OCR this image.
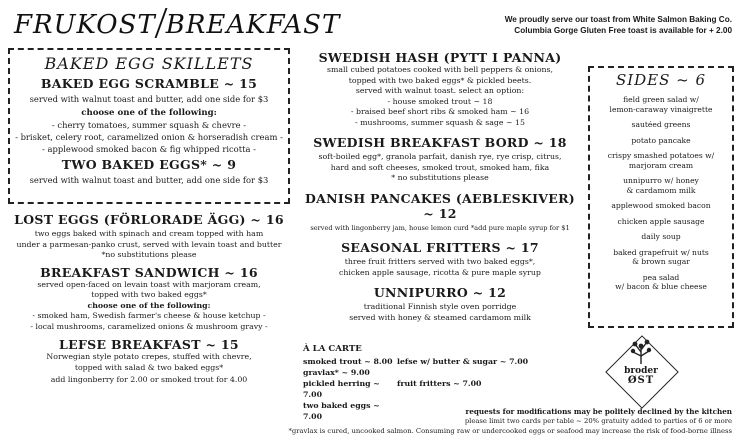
FRUKOST BREAKFAST	We proudly serve our toast from White Salmon Baking Co.
Columbia Gorge Gluten Free toast is available for + 2.00
BAKED EGG SKILLETS
BAKED EGG SCRAMBLE ~ 15
served with walnut toast and butter, add one side for $3
choose one of the following:
- cherry tomatoes, summer squash & chevre -
- brisket, celery root, caramelized onion & horseradish cream -
- applewood smoked bacon & fig whipped ricotta -
TWO BAKED EGGS* ~ 9
served with walnut toast and butter, add one side for $3
LOST EGGS (FÖRLORADE ÄGG) ~ 16
two eggs baked with spinach and cream topped with ham
under a parmesan-panko crust, served with levain toast and butter
*no substitutions please
BREAKFAST SANDWICH ~ 16
served open-faced on levain toast with marjoram cream,
topped with two baked eggs*
choose one of the following:
- smoked ham, Swedish farmer's cheese & house ketchup -
- local mushrooms, caramelized onions & mushroom gravy -
LEFSE BREAKFAST ~ 15
Norwegian style potato crepes, stuffed with chevre,
topped with salad & two baked eggs*
add lingonberry for 2.00 or smoked trout for 4.00
SWEDISH HASH (PYTT I PANNA)
small cubed potatoes cooked with bell peppers & onions,
topped with two baked eggs* & pickled beets.
served with walnut toast. select an option:
- house smoked trout ~ 18
- braised beef short ribs & smoked ham ~ 16
- mushrooms, summer squash & sage ~ 15
SWEDISH BREAKFAST BORD ~ 18
soft-boiled egg*, granola parfait, danish rye, rye crisp, citrus,
hard and soft cheeses, smoked trout, smoked ham, fika
* no substitutions please
DANISH PANCAKES (AEBLESKIVER) ~ 12
served with lingonberry jam, house lemon curd *add pure maple syrup for $1
SEASONAL FRITTERS ~ 17
three fruit fritters served with two baked eggs*,
chicken apple sausage, ricotta & pure maple syrup
UNNIPURRO ~ 12
traditional Finnish style oven porridge
served with honey & steamed cardamom milk
À LA CARTE
smoked trout ~ 8.00
gravlax* ~ 9.00
pickled herring ~ 7.00
two baked eggs ~ 7.00
lefse w/ butter & sugar ~ 7.00
fruit fritters ~ 7.00
SIDES ~ 6
field green salad w/
lemon-caraway vinaigrette
sautéed greens
potato pancake
crispy smashed potatoes w/
marjoram cream
unnipurro w/ honey
& cardamom milk
applewood smoked bacon
chicken apple sausage
daily soup
baked grapefruit w/ nuts
& brown sugar
pea salad
w/ bacon & blue cheese
broder
ØST
requests for modifications may be politely declined by the kitchen
please limit two cards per table ~ 20% gratuity added to parties of 6 or more
*gravlax is cured, uncooked salmon. Consuming raw or undercooked eggs or seafood may increase the risk of food-borne illness
